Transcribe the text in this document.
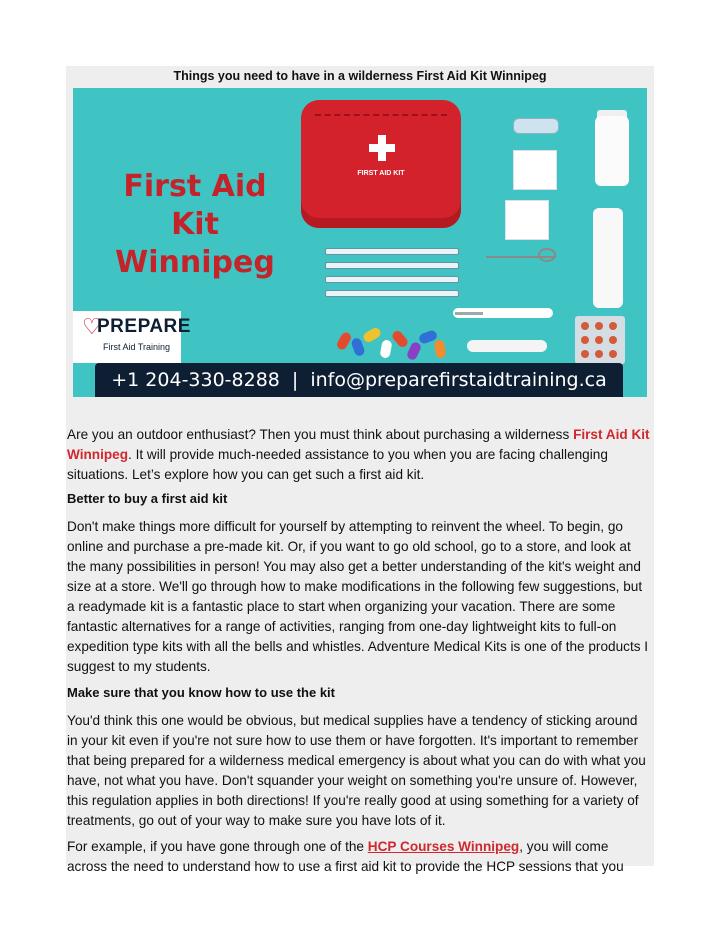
Things you need to have in a wilderness First Aid Kit Winnipeg
First Aid Kit Winnipeg
FIRST AID KIT
♡
PREPARE
First Aid Training
+1 204-330-8288 | info@preparefirstaidtraining.ca

Are you an outdoor enthusiast? Then you must think about purchasing a wilderness First Aid Kit Winnipeg. It will provide much-needed assistance to you when you are facing challenging situations. Let’s explore how you can get such a first aid kit.

Better to buy a first aid kit

Don't make things more difficult for yourself by attempting to reinvent the wheel. To begin, go online and purchase a pre-made kit. Or, if you want to go old school, go to a store, and look at the many possibilities in person! You may also get a better understanding of the kit's weight and size at a store. We'll go through how to make modifications in the following few suggestions, but a readymade kit is a fantastic place to start when organizing your vacation. There are some fantastic alternatives for a range of activities, ranging from one-day lightweight kits to full-on expedition type kits with all the bells and whistles. Adventure Medical Kits is one of the products I suggest to my students.

Make sure that you know how to use the kit

You'd think this one would be obvious, but medical supplies have a tendency of sticking around in your kit even if you're not sure how to use them or have forgotten. It's important to remember that being prepared for a wilderness medical emergency is about what you can do with what you have, not what you have. Don't squander your weight on something you're unsure of. However, this regulation applies in both directions! If you're really good at using something for a variety of treatments, go out of your way to make sure you have lots of it.

For example, if you have gone through one of the HCP Courses Winnipeg, you will come across the need to understand how to use a first aid kit to provide the HCP sessions that you
